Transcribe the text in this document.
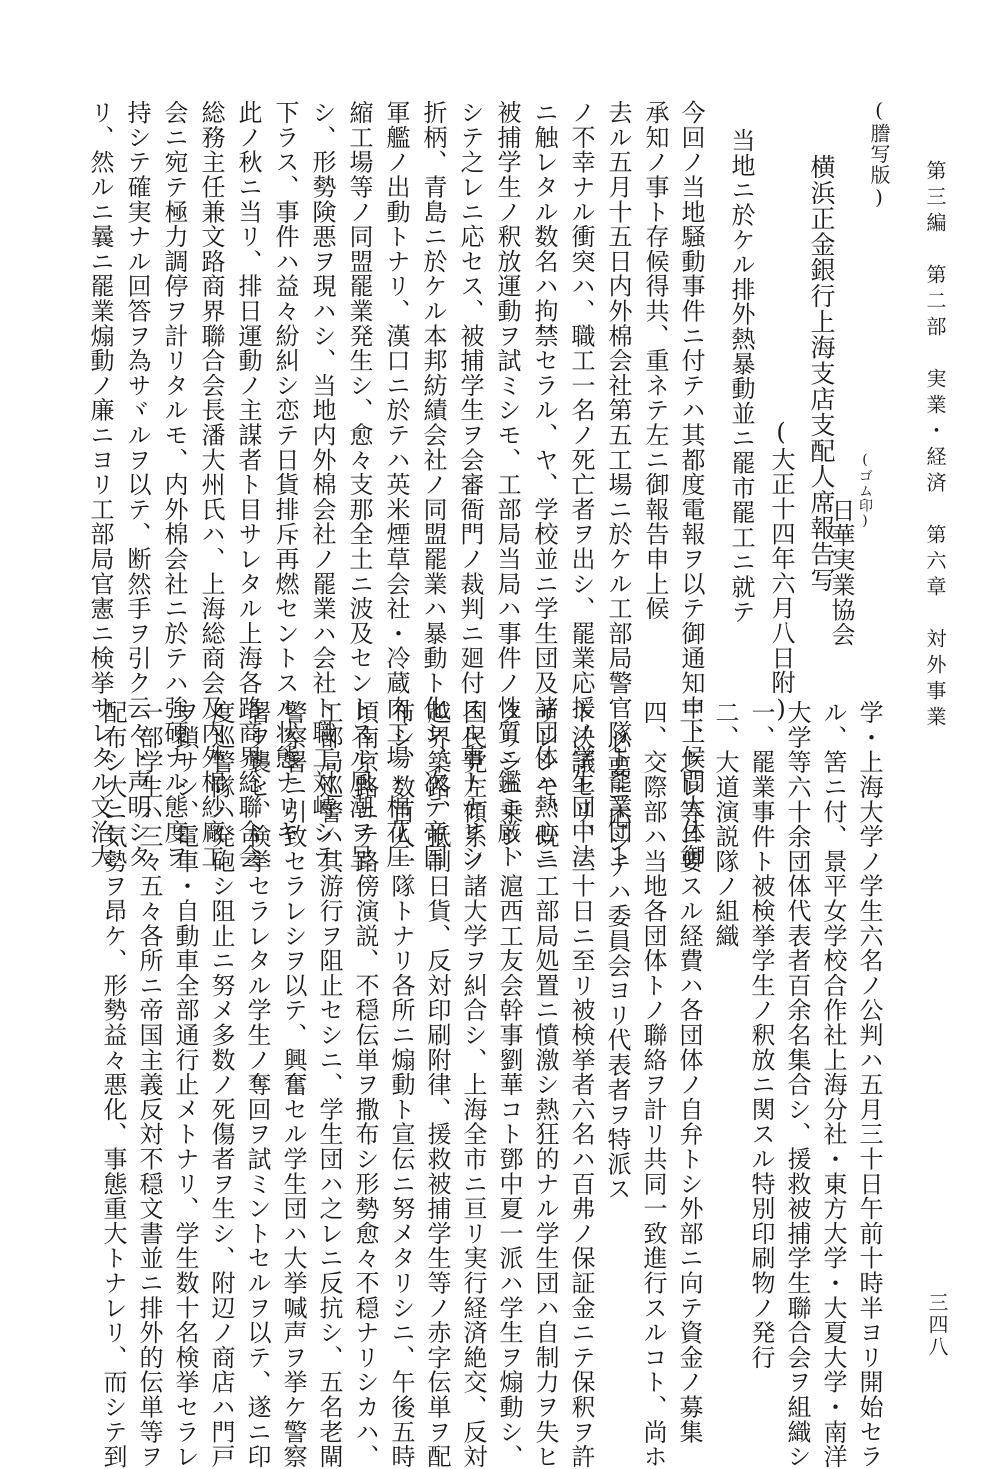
第三編　第二部　実業・経済　第六章　対外事業
三四八
(謄写版)
横浜正金銀行上海支店支配人席報告写	(ゴム印)
日華実業協会
(大正十四年六月八日附)
当地ニ於ケル排外熱暴動並ニ罷市罷工ニ就テ
今回ノ当地騒動事件ニ付テハ其都度電報ヲ以テ御通知申上候間大体御
承知ノ事ト存候得共、重ネテ左ニ御報告申上候
去ル五月十五日内外棉会社第五工場ニ於ケル工部局警官隊ト罷業団ト
ノ不幸ナル衝突ハ、職工一名ノ死亡者ヲ出シ、罷業応援ノ学生団中法
ニ触レタル数名ハ拘禁セラル、ヤ、学校並ニ学生団及諸団体ハ熱心ニ
被捕学生ノ釈放運動ヲ試ミシモ、工部局当局ハ事件ノ性質ニ鑑ミ厳ト
シテ之レニ応セス、被捕学生ヲ会審衙門ノ裁判ニ廻付スル事トナリシ
折柄、青島ニ於ケル本邦紡績会社ノ同盟罷業ハ暴動ト化シ、次テ帝国
軍艦ノ出動トナリ、漢口ニ於テハ英米煙草会社・冷蔵肉工場・棉花圧
縮工場等ノ同盟罷業発生シ、愈々支那全土ニ波及セントスル風潮ヲ呈
シ、形勢険悪ヲ現ハシ、当地内外棉会社ノ罷業ハ会社ト職工対峙シテ
下ラス、事件ハ益々紛糾シ恋テ日貨排斥再燃セントスル状態ナリキ
此ノ秋ニ当リ、排日運動ノ主謀者ト目サレタル上海各路商界総聯合会
総務主任兼文路商界聯合会長潘大州氏ハ、上海総商会及内外棉紗廠工
会ニ宛テ極力調停ヲ計リタルモ、内外棉会社ニ於テハ強硬ナル態度ヲ
持シテ確実ナル回答ヲ為サヾルヲ以テ、断然手ヲ引ク云々ト声明シタ
リ、然ルニ曩ニ罷業煽動ノ廉ニヨリ工部局官憲ニ検挙サレタル文治大
学・上海大学ノ学生六名ノ公判ハ五月三十日午前十時半ヨリ開始セラ
ル、筈ニ付、景平女学校合作社上海分社・東方大学・大夏大学・南洋
大学等六十余団体代表者百余名集合シ、援救被捕学生聯合会ヲ組織シ
一、罷業事件ト被検挙学生ノ釈放ニ関スル特別印刷物ノ発行
二、大道演説隊ノ組織
三、之レ等ニ要スル経費ハ各団体ノ自弁トシ外部ニ向テ資金ノ募集
四、交際部ハ当地各団体トノ聯絡ヲ計リ共同一致進行スルコト、尚ホ
必要ニ応シテハ委員会ヨリ代表者ヲ特派ス
ト決議セリ、三十日ニ至リ被検挙者六名ハ百弗ノ保証金ニテ保釈ヲ許
サレシモ、既ニ工部局処置ニ憤激シ熱狂的ナル学生団ハ自制力ヲ失ヒ
タリシニ乗シ、滬西工友会幹事劉華コト鄧中夏一派ハ学生ヲ煽動シ、
国民党左傾系ノ諸大学ヲ糾合シ、上海全市ニ亘リ実行経済絶交、反対
越界築路、抵制日貨、反対印刷附律、援救被捕学生等ノ赤字伝単ヲ配
布シ、数百人一隊トナリ各所ニ煽動ト宣伝ニ努メタリシニ、午後五時
頃南京路ニテ路傍演説、不穏伝単ヲ撒布シ形勢愈々不穏ナリシカハ、
工部局巡警ハ其游行ヲ阻止セシニ、学生団ハ之レニ反抗シ、五名老閘
警察署ニ引致セラレシヲ以テ、興奮セル学生団ハ大挙喊声ヲ挙ケ警察
署ヲ襲ヒ、検挙セラレタル学生ノ奪回ヲ試ミントセルヲ以テ、遂ニ印
度巡警隊ハ発砲シ阻止ニ努メ多数ノ死傷者ヲ生シ、附辺ノ商店ハ門戸
ヲ鎖サシ、電車・自動車全部通行止メトナリ、学生数十名検挙セラレ
一部学生ハ三々五々各所ニ帝国主義反対不穏文書並ニ排外的伝単等ヲ
配布シ大ニ気勢ヲ昂ケ、形勢益々悪化、事態重大トナレリ、而シテ到
